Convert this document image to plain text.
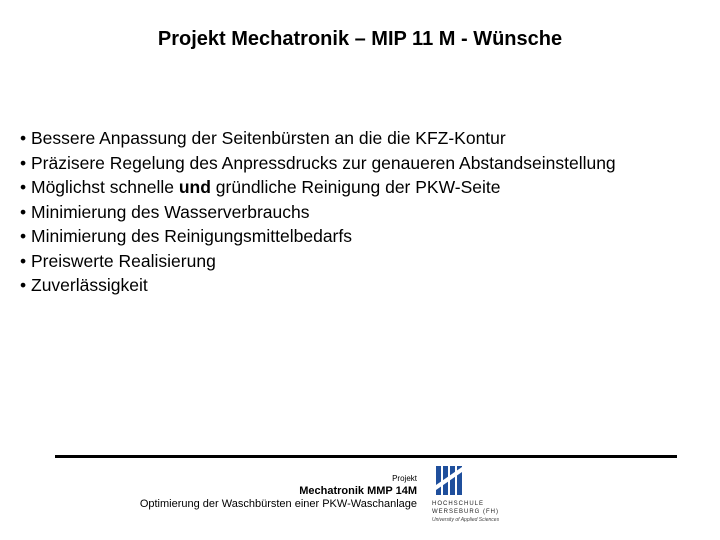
Projekt Mechatronik – MIP 11 M - Wünsche
• Bessere Anpassung der Seitenbürsten an die die KFZ-Kontur
• Präzisere Regelung des Anpressdrucks zur genaueren Abstandseinstellung
• Möglichst schnelle und gründliche Reinigung der PKW-Seite
• Minimierung des Wasserverbrauchs
• Minimierung des Reinigungsmittelbedarfs
• Preiswerte Realisierung
• Zuverlässigkeit
Projekt
Mechatronik MMP 14M
Optimierung der Waschbürsten einer PKW-Waschanlage	HOCHSCHULE
WERSEBURG (FH)
University of Applied Sciences
